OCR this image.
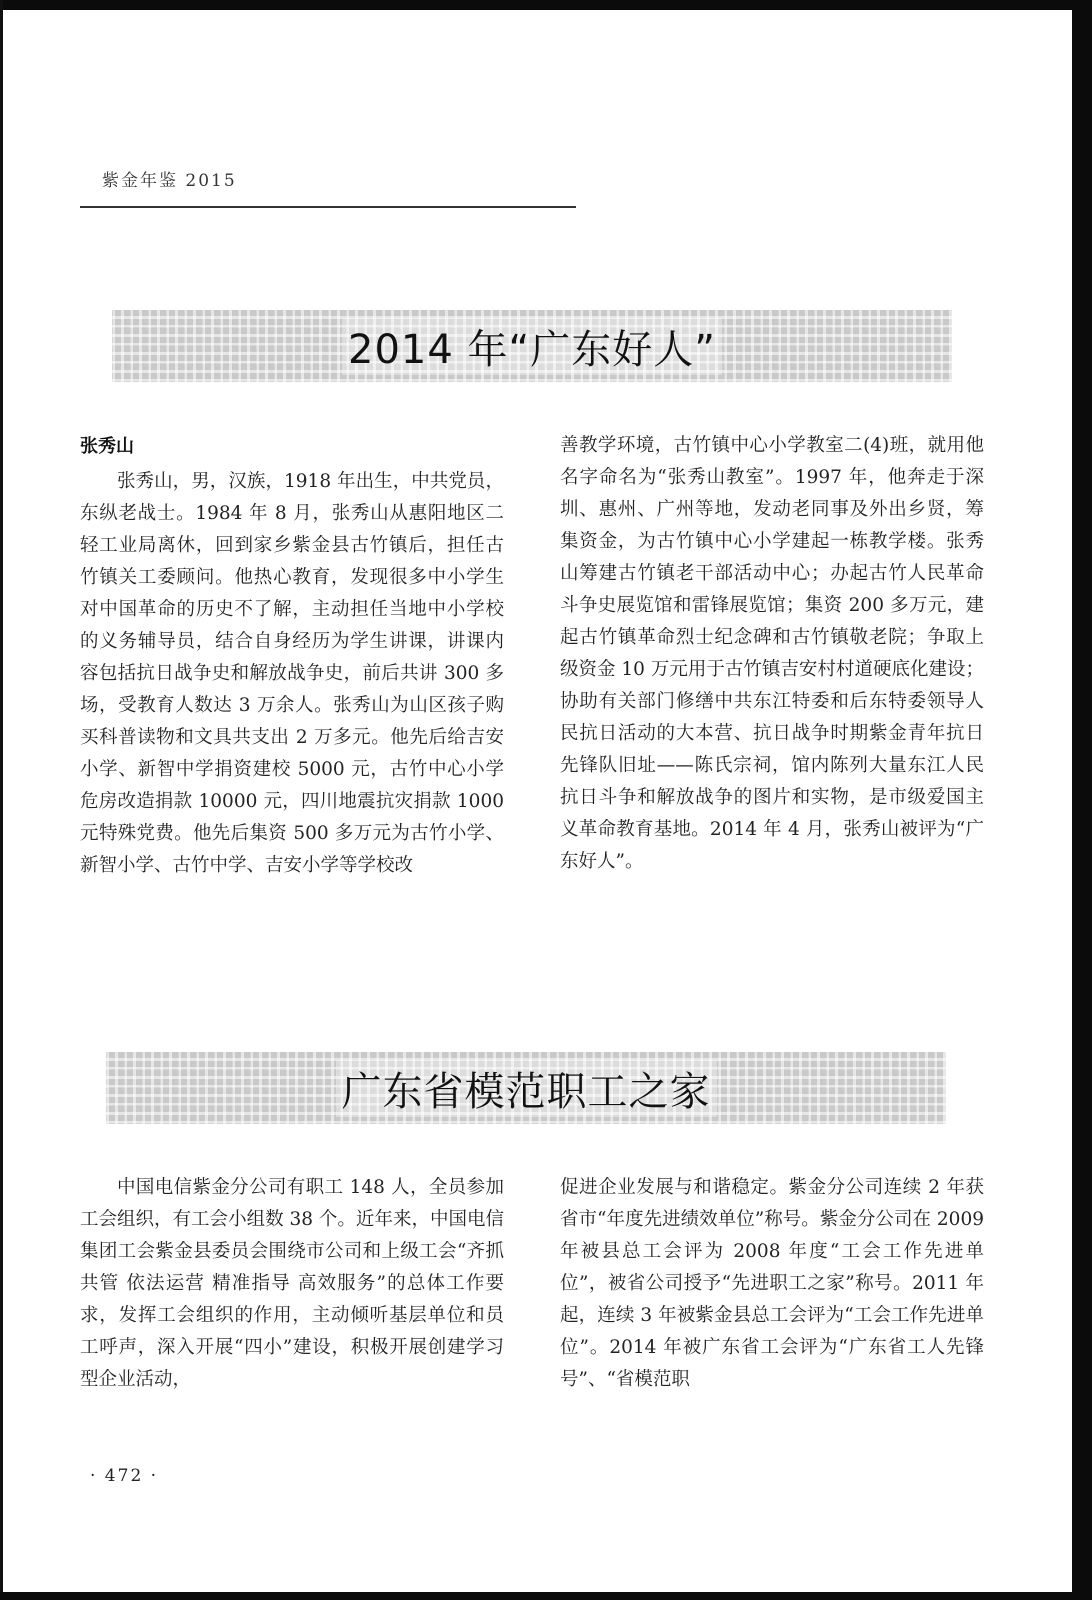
紫金年鉴 2015
2014 年“广东好人”
张秀山

张秀山，男，汉族，1918 年出生，中共党员，东纵老战士。1984 年 8 月，张秀山从惠阳地区二轻工业局离休，回到家乡紫金县古竹镇后，担任古竹镇关工委顾问。他热心教育，发现很多中小学生对中国革命的历史不了解，主动担任当地中小学校的义务辅导员，结合自身经历为学生讲课，讲课内容包括抗日战争史和解放战争史，前后共讲 300 多场，受教育人数达 3 万余人。张秀山为山区孩子购买科普读物和文具共支出 2 万多元。他先后给吉安小学、新智中学捐资建校 5000 元，古竹中心小学危房改造捐款 10000 元，四川地震抗灾捐款 1000 元特殊党费。他先后集资 500 多万元为古竹小学、新智小学、古竹中学、吉安小学等学校改

善教学环境，古竹镇中心小学教室二(4)班，就用他名字命名为“张秀山教室”。1997 年，他奔走于深圳、惠州、广州等地，发动老同事及外出乡贤，筹集资金，为古竹镇中心小学建起一栋教学楼。张秀山筹建古竹镇老干部活动中心；办起古竹人民革命斗争史展览馆和雷锋展览馆；集资 200 多万元，建起古竹镇革命烈士纪念碑和古竹镇敬老院；争取上级资金 10 万元用于古竹镇吉安村村道硬底化建设；协助有关部门修缮中共东江特委和后东特委领导人民抗日活动的大本营、抗日战争时期紫金青年抗日先锋队旧址——陈氏宗祠，馆内陈列大量东江人民抗日斗争和解放战争的图片和实物，是市级爱国主义革命教育基地。2014 年 4 月，张秀山被评为“广东好人”。

广东省模范职工之家

中国电信紫金分公司有职工 148 人，全员参加工会组织，有工会小组数 38 个。近年来，中国电信集团工会紫金县委员会围绕市公司和上级工会“齐抓共管 依法运营 精准指导 高效服务”的总体工作要求，发挥工会组织的作用，主动倾听基层单位和员工呼声，深入开展“四小”建设，积极开展创建学习型企业活动，

促进企业发展与和谐稳定。紫金分公司连续 2 年获省市“年度先进绩效单位”称号。紫金分公司在 2009 年被县总工会评为 2008 年度“工会工作先进单位”，被省公司授予“先进职工之家”称号。2011 年起，连续 3 年被紫金县总工会评为“工会工作先进单位”。2014 年被广东省工会评为“广东省工人先锋号”、“省模范职

· 472 ·
